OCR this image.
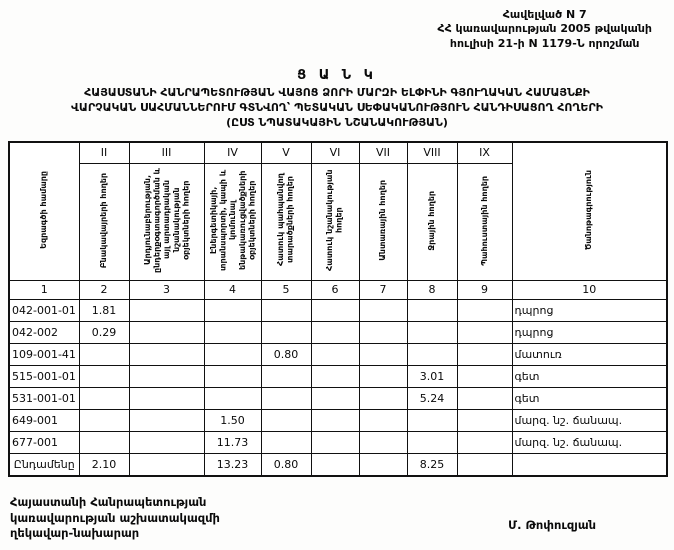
Հավելված N 7
ՀՀ կառավարության 2005 թվականի
հուլիսի 21-ի N 1179-Ն որոշման
Ց Ա Ն Կ
ՀԱՅԱՍՏԱՆԻ ՀԱՆՐԱՊԵՏՈՒԹՅԱՆ ՎԱՅՈՑ ՁՈՐԻ ՄԱՐԶԻ ԵԼՓԻՆԻ ԳՅՈՒՂԱԿԱՆ ՀԱՄԱՅՆՔԻ
ՎԱՐՉԱԿԱՆ ՍԱՀՄԱՆՆԵՐՈՒՄ ԳՏՆՎՈՂ՝ ՊԵՏԱԿԱՆ ՍԵՓԱԿԱՆՈՒԹՅՈՒՆ ՀԱՆԴԻՍԱՑՈՂ ՀՈՂԵՐԻ
(ԸՍՏ ՆՊԱՏԱԿԱՅԻՆ ՆՇԱՆԱԿՈՒԹՅԱՆ)
Եզրագծի համարը	II	III	IV	V	VI	VII	VIII	IX	Ծանոթագրություն
	Բնակավայրերի հողեր	Արդյունաբերության, ընդերքօգտագործման և այլ արտադրական նշանակության օբյեկտների հողեր	Էներգետիկայի, տրանսպորտի, կապի և կոմունալ ենթակառուցվածքների օբյեկտների հողեր	Հատուկ պահպանվող տարածքների հողեր	Հատուկ նշանակության հողեր	Անտառային հողեր	Ջրային հողեր	Պահուստային հողեր	
1	2	3	4	5	6	7	8	9	10
042-001-01	1.81								դպրոց
042-002	0.29								դպրոց
109-001-41				0.80					մատուռ
515-001-01							3.01		գետ
531-001-01							5.24		գետ
649-001			1.50						մարզ. նշ. ճանապ.
677-001			11.73						մարզ. նշ. ճանապ.
Ընդամենը	2.10		13.23	0.80			8.25		
Հայաստանի Հանրապետության
կառավարության աշխատակազմի
ղեկավար-նախարար
Մ. Թոփուզյան
